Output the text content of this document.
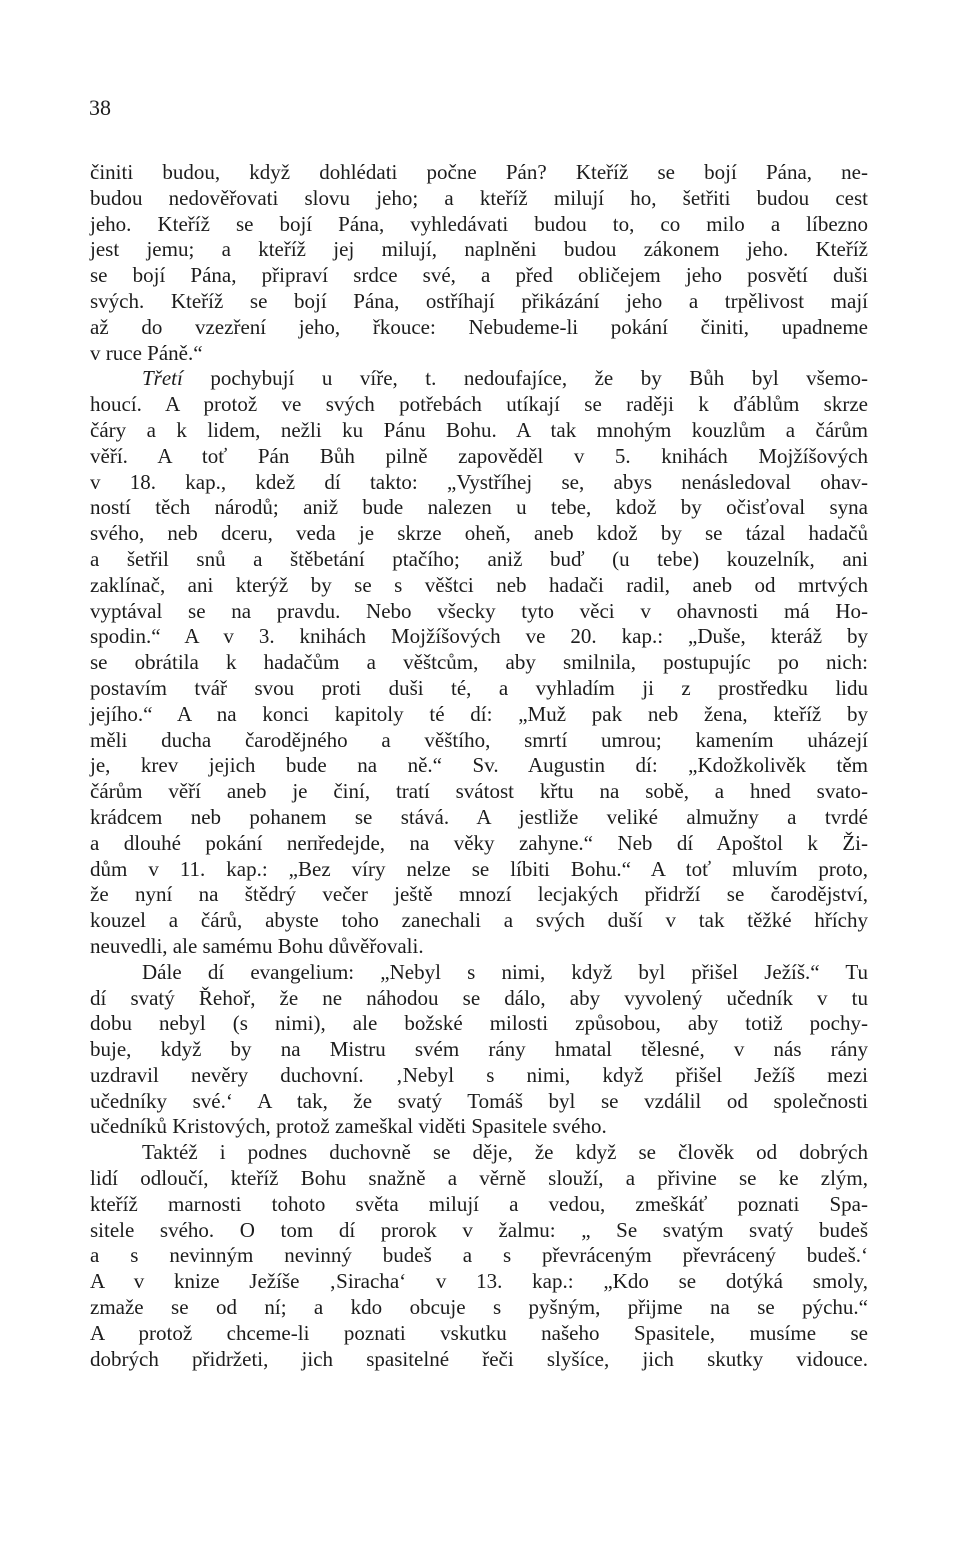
38
činiti budou, když dohlédati počne Pán? Kteříž se bojí Pána, ne-
budou nedověřovati slovu jeho; a kteříž milují ho, šetřiti budou cest
jeho. Kteříž se bojí Pána, vyhledávati budou to, co milo a líbezno
jest jemu; a kteříž jej milují, naplněni budou zákonem jeho. Kteříž
se bojí Pána, připraví srdce své, a před obličejem jeho posvětí duši
svých. Kteříž se bojí Pána, ostříhají přikázání jeho a trpělivost mají
až do vzezření jeho, řkouce: Nebudeme-li pokání činiti, upadneme
v ruce Páně.“
Třetí pochybují u víře, t. nedoufajíce, že by Bůh byl všemo-
houcí. A protož ve svých potřebách utíkají se raději k ďáblům skrze
čáry a k lidem, nežli ku Pánu Bohu. A tak mnohým kouzlům a čárům
věří. A toť Pán Bůh pilně zapověděl v 5. knihách Mojžíšových
v 18. kap., kdež dí takto: „Vystříhej se, abys nenásledoval ohav-
ností těch národů; aniž bude nalezen u tebe, kdož by očisťoval syna
svého, neb dceru, veda je skrze oheň, aneb kdož by se tázal hadačů
a šetřil snů a štěbetání ptačího; aniž buď (u tebe) kouzelník, ani
zaklínač, ani kterýž by se s věštci neb hadači radil, aneb od mrtvých
vyptával se na pravdu. Nebo všecky tyto věci v ohavnosti má Ho-
spodin.“ A v 3. knihách Mojžíšových ve 20. kap.: „Duše, kteráž by
se obrátila k hadačům a věštcům, aby smilnila, postupujíc po nich:
postavím tvář svou proti duši té, a vyhladím ji z prostředku lidu
jejího.“ A na konci kapitoly té dí: „Muž pak neb žena, kteříž by
měli ducha čarodějného a věštího, smrtí umrou; kamením uházejí
je, krev jejich bude na ně.“ Sv. Augustin dí: „Kdožkolivěk těm
čárům věří aneb je činí, tratí svátost křtu na sobě, a hned svato-
krádcem neb pohanem se stává. A jestliže veliké almužny a tvrdé
a dlouhé pokání neпředejde, na věky zahyne.“ Neb dí Apoštol k Ži-
dům v 11. kap.: „Bez víry nelze se líbiti Bohu.“ A toť mluvím proto,
že nyní na štědrý večer ještě mnozí lecjakých přidrží se čarodějství,
kouzel a čárů, abyste toho zanechali a svých duší v tak těžké hříchy
neuvedli, ale samému Bohu důvěřovali.
Dále dí evangelium: „Nebyl s nimi, když byl přišel Ježíš.“ Tu
dí svatý Řehoř, že ne náhodou se dálo, aby vyvolený učedník v tu
dobu nebyl (s nimi), ale božské milosti způsobou, aby totiž pochy-
buje, když by na Mistru svém rány hmatal tělesné, v nás rány
uzdravil nevěry duchovní. ‚Nebyl s nimi, když přišel Ježíš mezi
učedníky své.‘ A tak, že svatý Tomáš byl se vzdálil od společnosti
učedníků Kristových, protož zameškal viděti Spasitele svého.
Taktéž i podnes duchovně se děje, že když se člověk od dobrých
lidí odloučí, kteříž Bohu snažně a věrně slouží, a přivine se ke zlým,
kteříž marnosti tohoto světa milují a vedou, zmeškáť poznati Spa-
sitele svého. O tom dí prorok v žalmu: „ Se svatým svatý budeš
a s nevinným nevinný budeš a s převráceným převrácený budeš.‘
A v knize Ježíše ‚Siracha‘ v 13. kap.: „Kdo se dotýká smoly,
zmaže se od ní; a kdo obcuje s pyšným, přijme na se pýchu.“
A protož chceme-li poznati vskutku našeho Spasitele, musíme se
dobrých přidržeti, jich spasitelné řeči slyšíce, jich skutky vidouce.
